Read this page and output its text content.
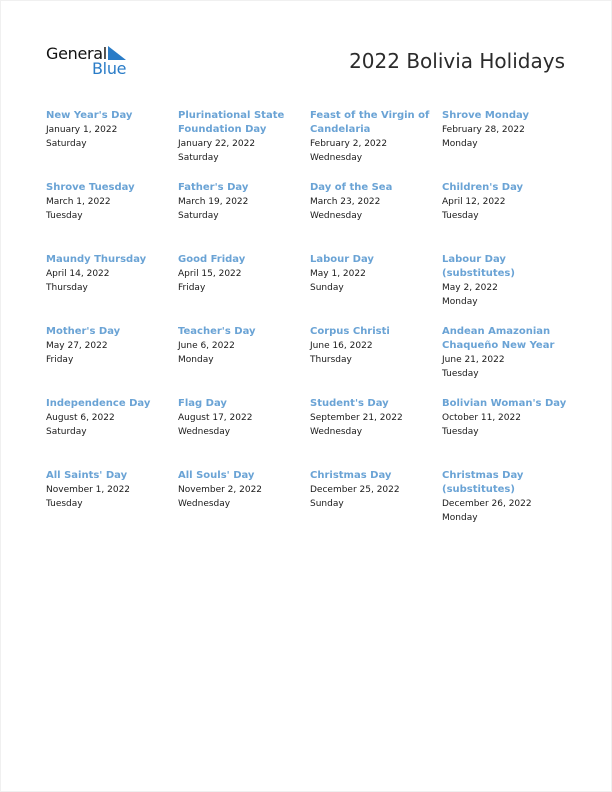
General
Blue	2022 Bolivia Holidays
New Year's Day
January 1, 2022
Saturday
Plurinational State Foundation Day
January 22, 2022
Saturday
Feast of the Virgin of Candelaria
February 2, 2022
Wednesday
Shrove Monday
February 28, 2022
Monday
Shrove Tuesday
March 1, 2022
Tuesday
Father's Day
March 19, 2022
Saturday
Day of the Sea
March 23, 2022
Wednesday
Children's Day
April 12, 2022
Tuesday
Maundy Thursday
April 14, 2022
Thursday
Good Friday
April 15, 2022
Friday
Labour Day
May 1, 2022
Sunday
Labour Day (substitutes)
May 2, 2022
Monday
Mother's Day
May 27, 2022
Friday
Teacher's Day
June 6, 2022
Monday
Corpus Christi
June 16, 2022
Thursday
Andean Amazonian Chaqueño New Year
June 21, 2022
Tuesday
Independence Day
August 6, 2022
Saturday
Flag Day
August 17, 2022
Wednesday
Student's Day
September 21, 2022
Wednesday
Bolivian Woman's Day
October 11, 2022
Tuesday
All Saints' Day
November 1, 2022
Tuesday
All Souls' Day
November 2, 2022
Wednesday
Christmas Day
December 25, 2022
Sunday
Christmas Day (substitutes)
December 26, 2022
Monday
